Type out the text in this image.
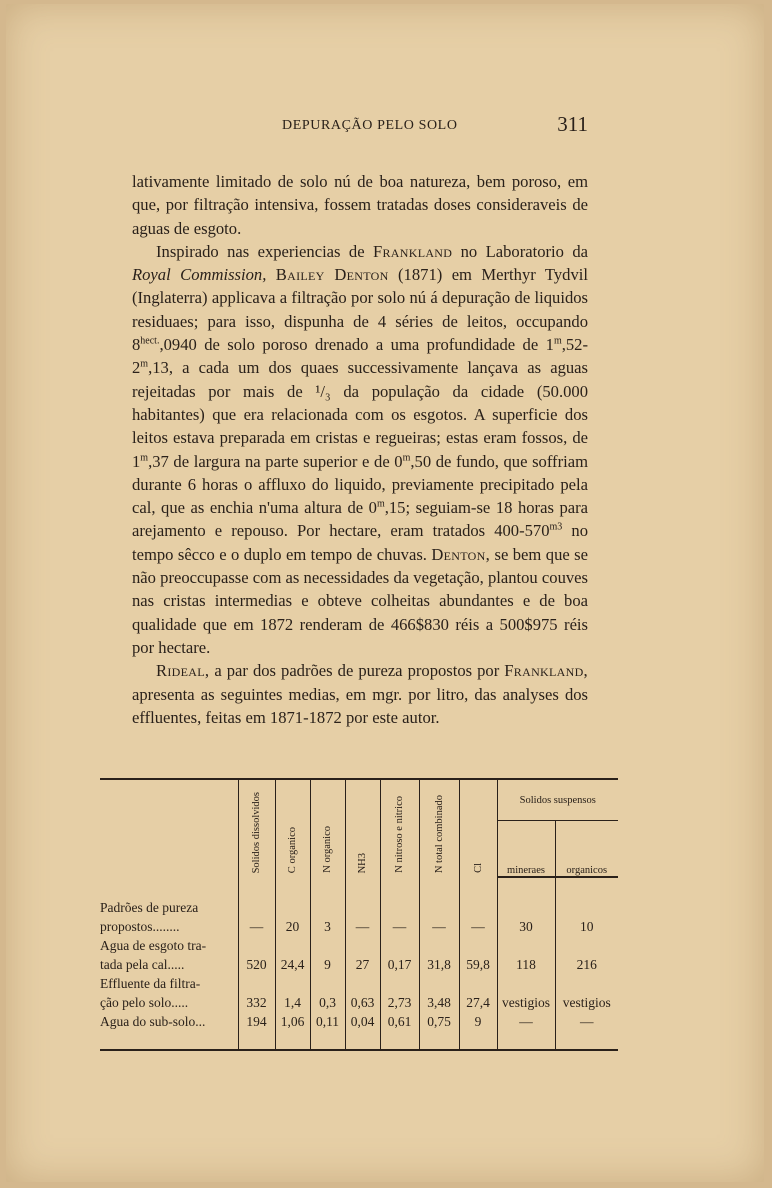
DEPURAÇÃO PELO SOLO	311

lativamente limitado de solo nú de boa natureza, bem poroso, em que, por filtração intensiva, fossem tratadas doses consideraveis de aguas de esgoto.

Inspirado nas experiencias de Frankland no Laboratorio da Royal Commission, Bailey Denton (1871) em Merthyr Tydvil (Inglaterra) applicava a filtração por solo nú á depuração de liquidos residuaes; para isso, dispunha de 4 séries de leitos, occupando $8^{hect.},0940$ de solo poroso drenado a uma profundidade de 1$^m$,52-2$^m$,13, a cada um dos quaes successivamente lançava as aguas rejeitadas por mais de ¹/₃ da população da cidade (50.000 habitantes) que era relacionada com os esgotos. A superficie dos leitos estava preparada em cristas e regueiras; estas eram fossos, de 1$^m$,37 de largura na parte superior e de 0$^m$,50 de fundo, que soffriam durante 6 horas o affluxo do liquido, previamente precipitado pela cal, que as enchia n'uma altura de 0$^m$,15; seguiam-se 18 horas para arejamento e repouso. Por hectare, eram tratados $400-570^{m3}$ no tempo sêcco e o duplo em tempo de chuvas. Denton, se bem que se não preoccupasse com as necessidades da vegetação, plantou couves nas cristas intermedias e obteve colheitas abundantes e de boa qualidade que em 1872 renderam de 466$830 réis a 500$975 réis por hectare.

Rideal, a par dos padrões de pureza propostos por Frankland, apresenta as seguintes medias, em mgr. por litro, das analyses dos effluentes, feitas em 1871-1872 por este autor.

	Solidos dissolvidos	C organico	N organico	NH3	N nitroso e nitrico	N total combinado	Cl	Solidos suspensos	
								mineraes	organicos

Padrões de pureza									
propostos........	—	20	3	—	—	—	—	30	10
Agua de esgoto tra-									
tada pela cal.....	520	24,4	9	27	0,17	31,8	59,8	118	216
Effluente da filtra-									
ção pelo solo.....	332	1,4	0,3	0,63	2,73	3,48	27,4	vestigios	vestigios
Agua do sub-solo...	194	1,06	0,11	0,04	0,61	0,75	9	—	—
